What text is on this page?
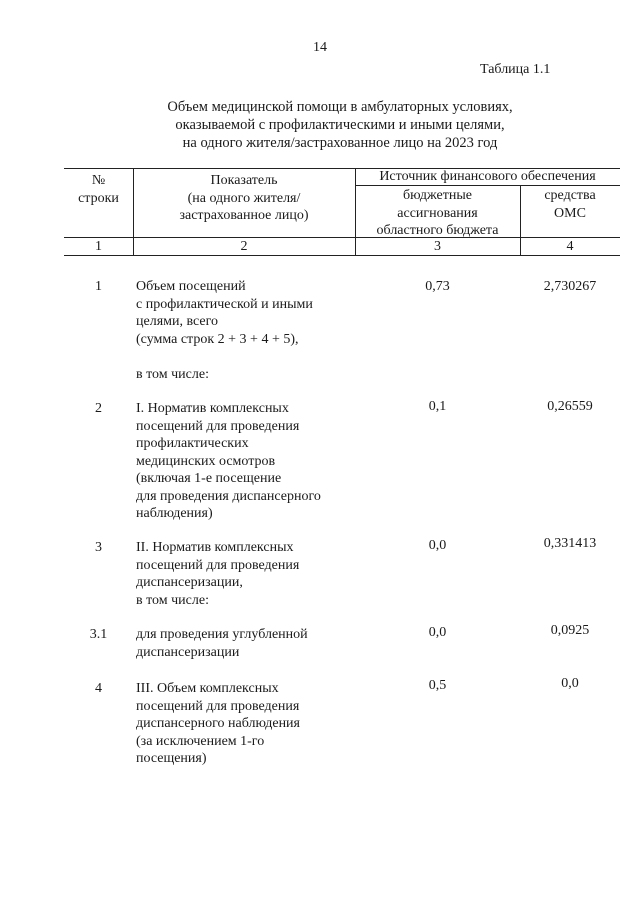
14
Таблица 1.1
Объем медицинской помощи в амбулаторных условиях,
оказываемой с профилактическими и иными целями,
на одного жителя/застрахованное лицо на 2023 год
№
строки
Показатель
(на одного жителя/
застрахованное лицо)
Источник финансового обеспечения
бюджетные
ассигнования
областного бюджета
средства
ОМС
1	2	3	4
1	Объем посещений
с профилактической и иными
целями, всего
(сумма строк 2 + 3 + 4 + 5),
в том числе:
0,73	2,730267
2	I. Норматив комплексных
посещений для проведения
профилактических
медицинских осмотров
(включая 1-е посещение
для проведения диспансерного
наблюдения)
0,1	0,26559
3	II. Норматив комплексных
посещений для проведения
диспансеризации,
в том числе:
0,0	0,331413
3.1	для проведения углубленной
диспансеризации
0,0	0,0925
4	III. Объем комплексных
посещений для проведения
диспансерного наблюдения
(за исключением 1-го
посещения)
0,5	0,0
